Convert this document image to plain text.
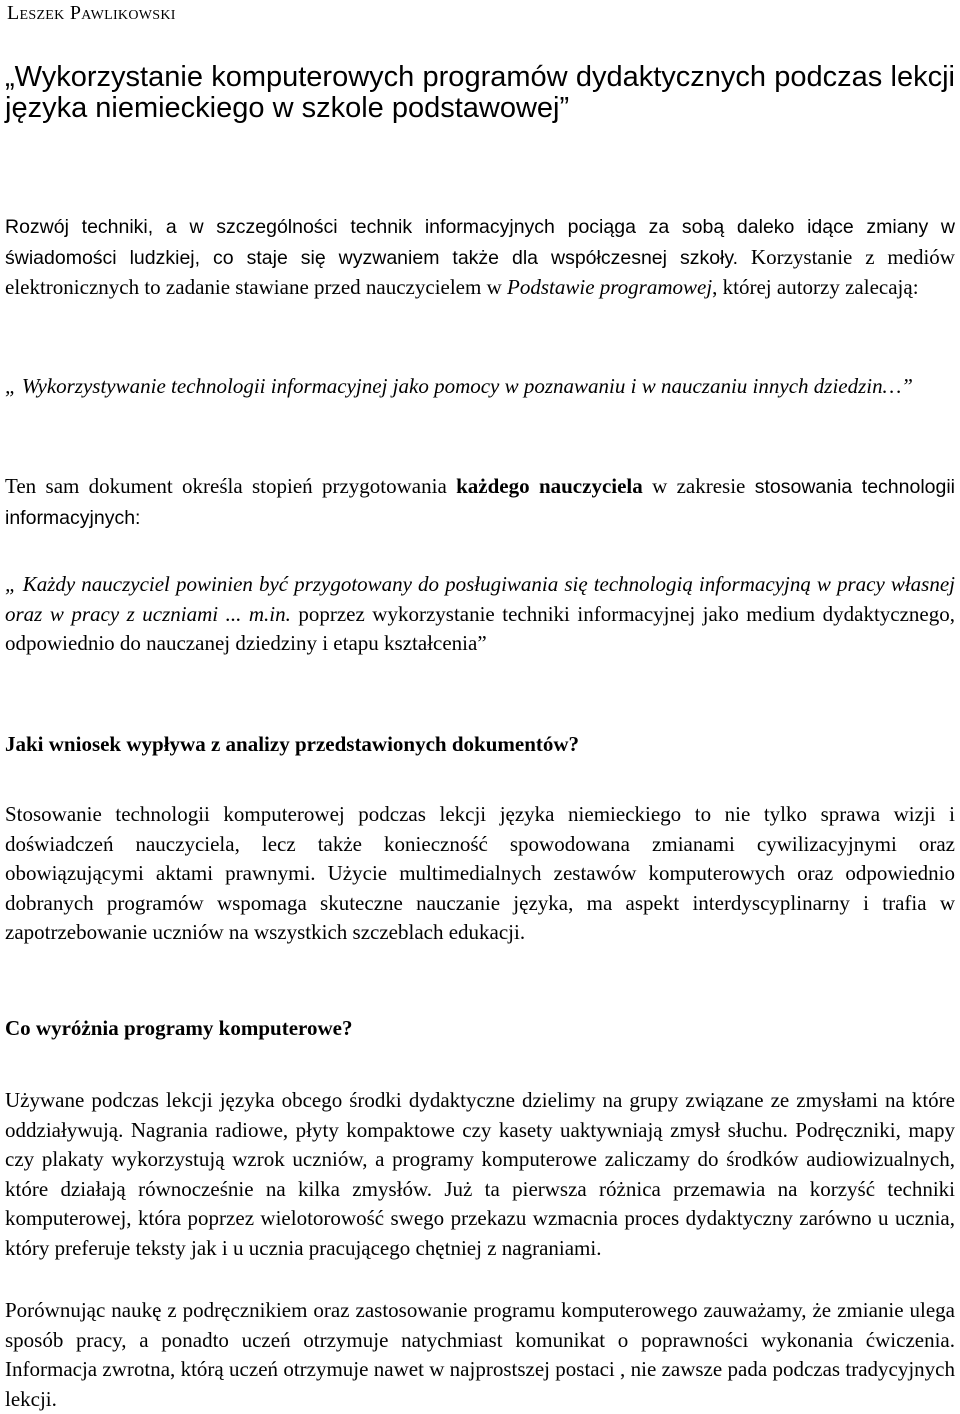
Leszek Pawlikowski
„Wykorzystanie komputerowych programów dydaktycznych podczas lekcji języka niemieckiego w szkole podstawowej”

Rozwój techniki, a w szczególności technik informacyjnych pociąga za sobą daleko idące zmiany w świadomości ludzkiej, co staje się wyzwaniem także dla współczesnej szkoły. Korzystanie z mediów elektronicznych to zadanie stawiane przed nauczycielem w Podstawie programowej, której autorzy zalecają:

„ Wykorzystywanie technologii informacyjnej jako pomocy w poznawaniu i w nauczaniu innych dziedzin…”

Ten sam dokument określa stopień przygotowania każdego nauczyciela w zakresie stosowania technologii informacyjnych:

„ Każdy nauczyciel powinien być przygotowany do posługiwania się technologią informacyjną w pracy własnej oraz w pracy z uczniami ... m.in. poprzez wykorzystanie techniki informacyjnej jako medium dydaktycznego, odpowiednio do nauczanej dziedziny i etapu kształcenia”

Jaki wniosek wypływa z analizy przedstawionych dokumentów?

Stosowanie technologii komputerowej podczas lekcji języka niemieckiego to nie tylko sprawa wizji i doświadczeń nauczyciela, lecz także konieczność spowodowana zmianami cywilizacyjnymi oraz obowiązującymi aktami prawnymi. Użycie multimedialnych zestawów komputerowych oraz odpowiednio dobranych programów wspomaga skuteczne nauczanie języka, ma aspekt interdyscyplinarny i trafia w zapotrzebowanie uczniów na wszystkich szczeblach edukacji.

Co wyróżnia programy komputerowe?

Używane podczas lekcji języka obcego środki dydaktyczne dzielimy na grupy związane ze zmysłami na które oddziaływują. Nagrania radiowe, płyty kompaktowe czy kasety uaktywniają zmysł słuchu. Podręczniki, mapy czy plakaty wykorzystują wzrok uczniów, a programy komputerowe zaliczamy do środków audiowizualnych, które działają równocześnie na kilka zmysłów. Już ta pierwsza różnica przemawia na korzyść techniki komputerowej, która poprzez wielotorowość swego przekazu wzmacnia proces dydaktyczny zarówno u ucznia, który preferuje teksty jak i u ucznia pracującego chętniej z nagraniami.

Porównując naukę z podręcznikiem oraz zastosowanie programu komputerowego zauważamy, że zmianie ulega sposób pracy, a ponadto uczeń otrzymuje natychmiast komunikat o poprawności wykonania ćwiczenia. Informacja zwrotna, którą uczeń otrzymuje nawet w najprostszej postaci , nie zawsze pada podczas tradycyjnych lekcji.
